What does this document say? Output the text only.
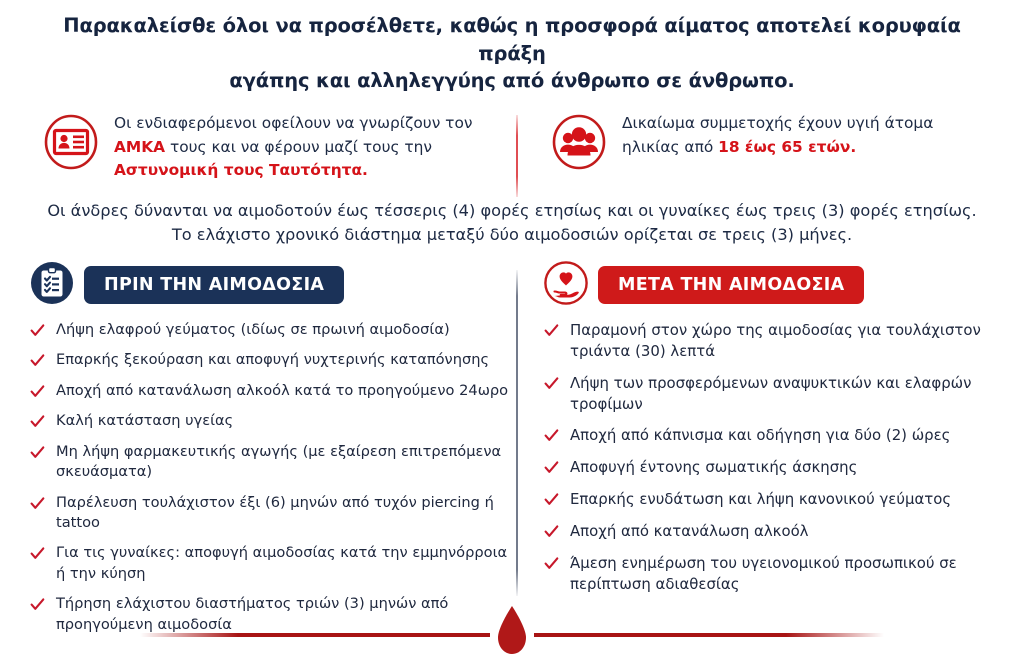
Παρακαλείσθε όλοι να προσέλθετε, καθώς η προσφορά αίματος αποτελεί κορυφαία πράξη
αγάπης και αλληλεγγύης από άνθρωπο σε άνθρωπο.
Οι ενδιαφερόμενοι οφείλουν να γνωρίζουν τον ΑΜΚΑ τους και να φέρουν μαζί τους την Αστυνομική τους Ταυτότητα.
Δικαίωμα συμμετοχής έχουν υγιή άτομα ηλικίας από 18 έως 65 ετών.
Οι άνδρες δύνανται να αιμοδοτούν έως τέσσερις (4) φορές ετησίως και οι γυναίκες έως τρεις (3) φορές ετησίως.
Το ελάχιστο χρονικό διάστημα μεταξύ δύο αιμοδοσιών ορίζεται σε τρεις (3) μήνες.
ΠΡΙΝ ΤΗΝ ΑΙΜΟΔΟΣΙΑ
Λήψη ελαφρού γεύματος (ιδίως σε πρωινή αιμοδοσία)
Επαρκής ξεκούραση και αποφυγή νυχτερινής καταπόνησης
Αποχή από κατανάλωση αλκοόλ κατά το προηγούμενο 24ωρο
Καλή κατάσταση υγείας
Μη λήψη φαρμακευτικής αγωγής (με εξαίρεση επιτρεπόμενα σκευάσματα)
Παρέλευση τουλάχιστον έξι (6) μηνών από τυχόν piercing ή tattoo
Για τις γυναίκες: αποφυγή αιμοδοσίας κατά την εμμηνόρροια ή την κύηση
Τήρηση ελάχιστου διαστήματος τριών (3) μηνών από προηγούμενη αιμοδοσία
ΜΕΤΑ ΤΗΝ ΑΙΜΟΔΟΣΙΑ
Παραμονή στον χώρο της αιμοδοσίας για τουλάχιστον τριάντα (30) λεπτά
Λήψη των προσφερόμενων αναψυκτικών και ελαφρών τροφίμων
Αποχή από κάπνισμα και οδήγηση για δύο (2) ώρες
Αποφυγή έντονης σωματικής άσκησης
Επαρκής ενυδάτωση και λήψη κανονικού γεύματος
Αποχή από κατανάλωση αλκοόλ
Άμεση ενημέρωση του υγειονομικού προσωπικού σε περίπτωση αδιαθεσίας
